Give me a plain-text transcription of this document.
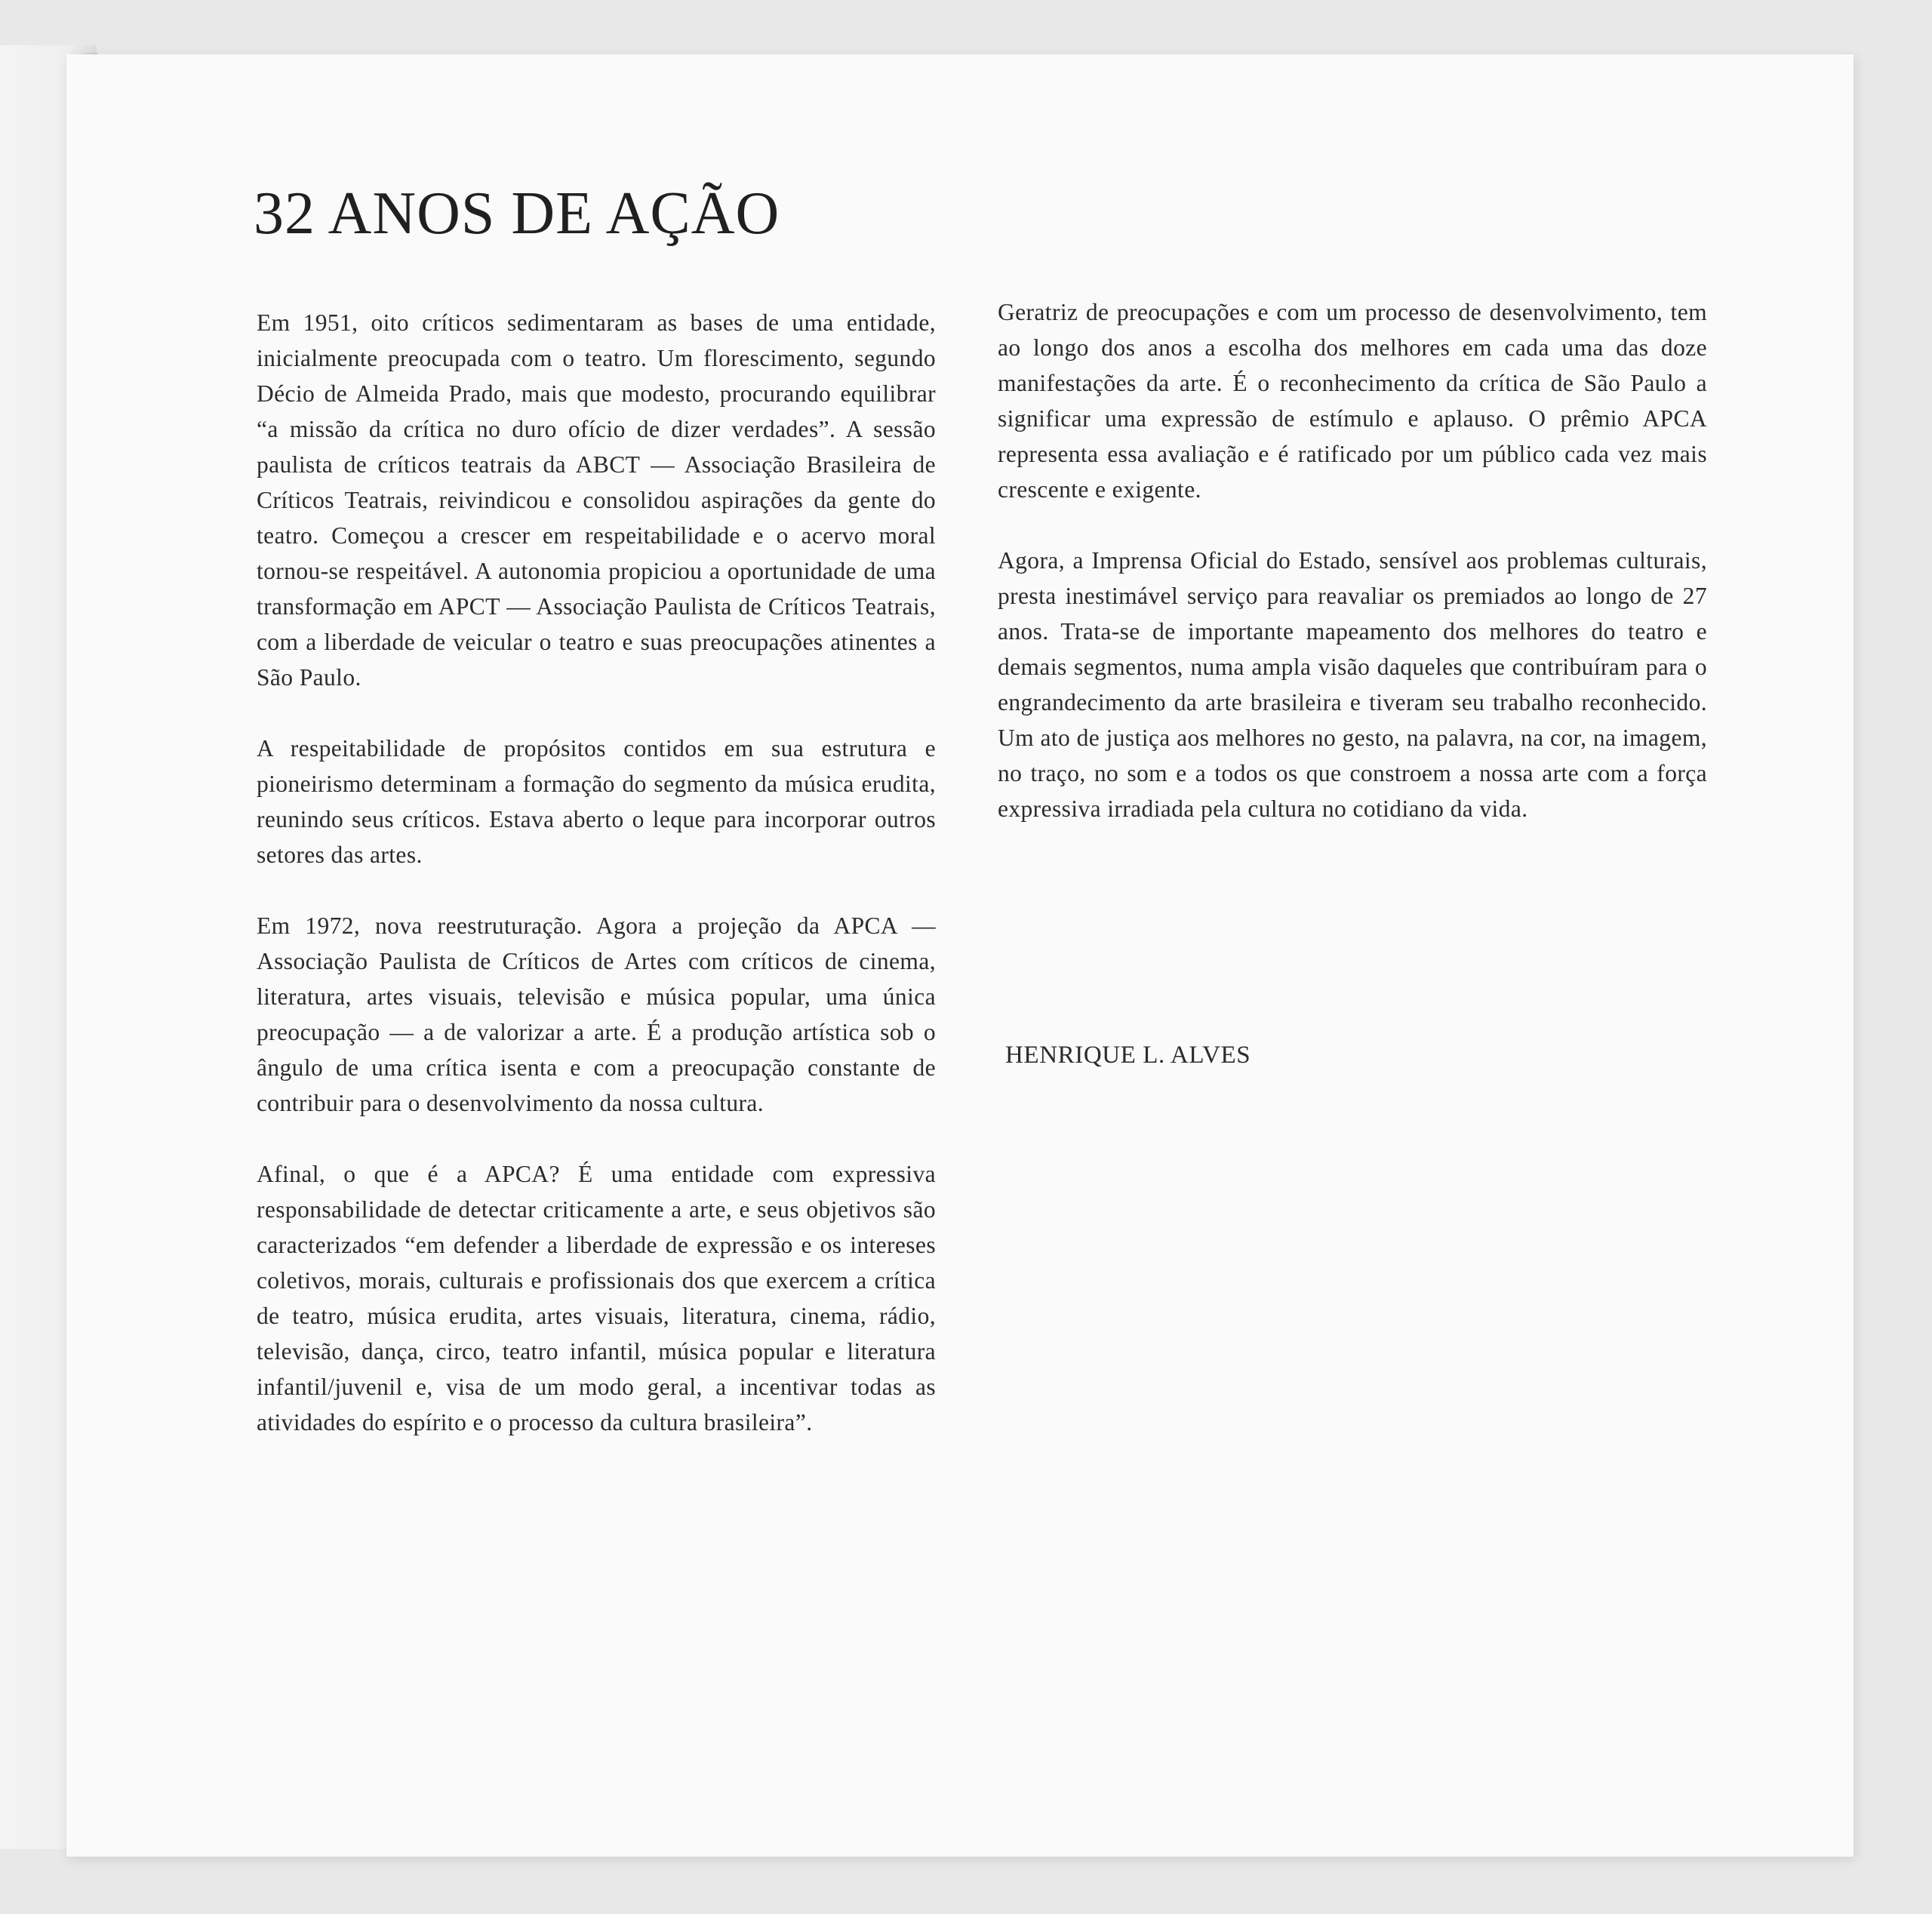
32 ANOS DE AÇÃO

Em 1951, oito críticos sedimentaram as bases de uma entidade, inicialmente preocupada com o teatro. Um florescimento, segundo Décio de Almeida Prado, mais que modesto, procurando equilibrar “a missão da crítica no duro ofício de dizer verdades”. A sessão paulista de críticos teatrais da ABCT — Associação Brasileira de Críticos Teatrais, reivindicou e consolidou aspirações da gente do teatro. Começou a crescer em respeitabilidade e o acervo moral tornou-se respeitável. A autonomia propiciou a oportunidade de uma transformação em APCT — Associação Paulista de Críticos Teatrais, com a liberdade de veicular o teatro e suas preocupações atinentes a São Paulo.

A respeitabilidade de propósitos contidos em sua estrutura e pioneirismo determinam a formação do segmento da música erudita, reunindo seus críticos. Estava aberto o leque para incorporar outros setores das artes.

Em 1972, nova reestruturação. Agora a projeção da APCA — Associação Paulista de Críticos de Artes com críticos de cinema, literatura, artes visuais, televisão e música popular, uma única preocupação — a de valorizar a arte. É a produção artística sob o ângulo de uma crítica isenta e com a preocupação constante de contribuir para o desenvolvimento da nossa cultura.

Afinal, o que é a APCA? É uma entidade com expressiva responsabilidade de detectar criticamente a arte, e seus objetivos são caracterizados “em defender a liberdade de expressão e os intereses coletivos, morais, culturais e profissionais dos que exercem a crítica de teatro, música erudita, artes visuais, literatura, cinema, rádio, televisão, dança, circo, teatro infantil, música popular e literatura infantil/juvenil e, visa de um modo geral, a incentivar todas as atividades do espírito e o processo da cultura brasileira”.

Geratriz de preocupações e com um processo de desenvolvimento, tem ao longo dos anos a escolha dos melhores em cada uma das doze manifestações da arte. É o reconhecimento da crítica de São Paulo a significar uma expressão de estímulo e aplauso. O prêmio APCA representa essa avaliação e é ratificado por um público cada vez mais crescente e exigente.

Agora, a Imprensa Oficial do Estado, sensível aos problemas culturais, presta inestimável serviço para reavaliar os premiados ao longo de 27 anos. Trata-se de importante mapeamento dos melhores do teatro e demais segmentos, numa ampla visão daqueles que contribuíram para o engrandecimento da arte brasileira e tiveram seu trabalho reconhecido. Um ato de justiça aos melhores no gesto, na palavra, na cor, na imagem, no traço, no som e a todos os que constroem a nossa arte com a força expressiva irradiada pela cultura no cotidiano da vida.

HENRIQUE L. ALVES
